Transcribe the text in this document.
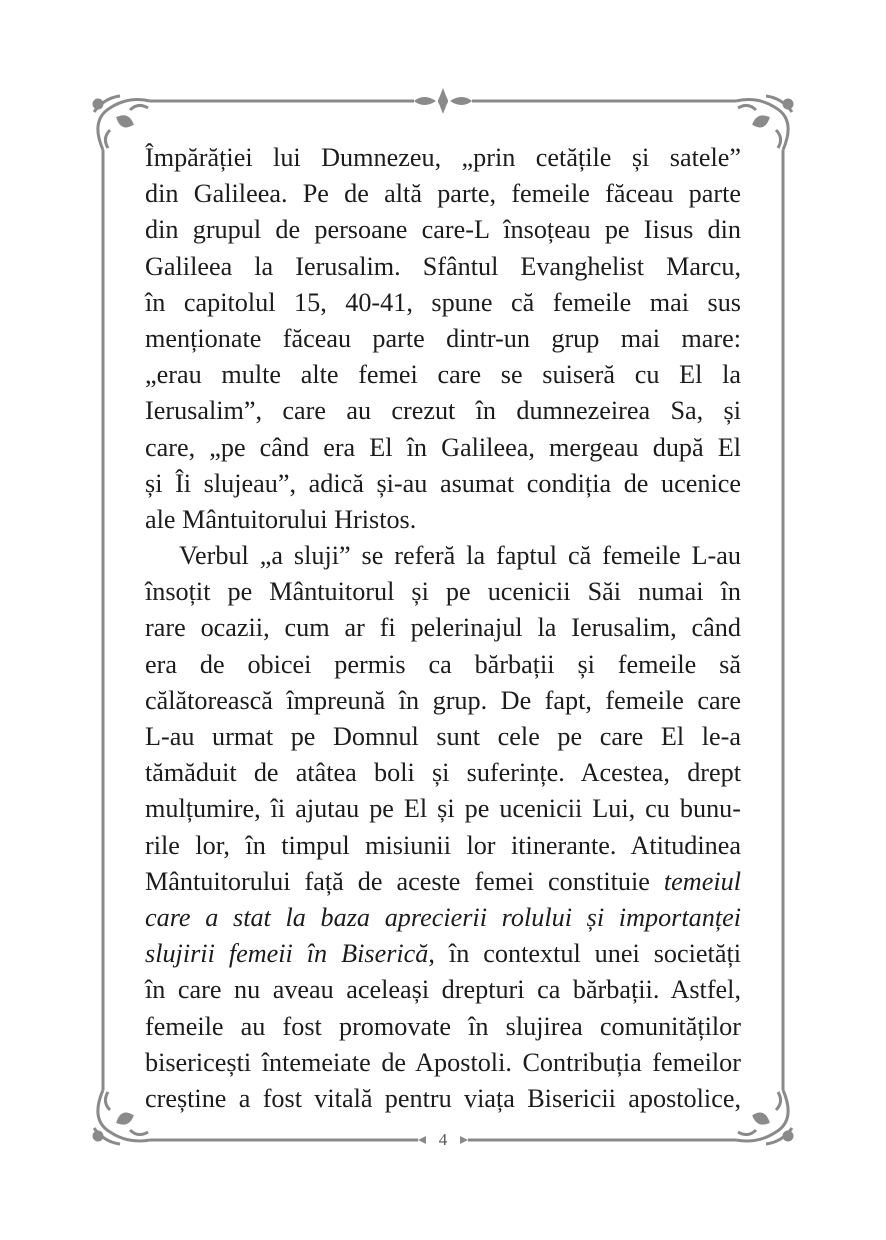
Împărăției lui Dumnezeu, „prin cetățile și satele”
din Galileea. Pe de altă parte, femeile făceau parte
din grupul de persoane care-L însoțeau pe Iisus din
Galileea la Ierusalim. Sfântul Evanghelist Marcu,
în capitolul 15, 40-41, spune că femeile mai sus
menționate făceau parte dintr-un grup mai mare:
„erau multe alte femei care se suiseră cu El la
Ierusalim”, care au crezut în dumnezeirea Sa, și
care, „pe când era El în Galileea, mergeau după El
și Îi slujeau”, adică și-au asumat condiția de ucenice
ale Mântuitorului Hristos.
Verbul „a sluji” se referă la faptul că femeile L-au
însoțit pe Mântuitorul și pe ucenicii Săi numai în
rare ocazii, cum ar fi pelerinajul la Ierusalim, când
era de obicei permis ca bărbații și femeile să
călătorească împreună în grup. De fapt, femeile care
L-au urmat pe Domnul sunt cele pe care El le-a
tămăduit de atâtea boli și suferințe. Acestea, drept
mulțumire, îi ajutau pe El și pe ucenicii Lui, cu bunu-
rile lor, în timpul misiunii lor itinerante. Atitudinea
Mântuitorului față de aceste femei constituie temeiul
care a stat la baza aprecierii rolului și importanței
slujirii femeii în Biserică, în contextul unei societăți
în care nu aveau aceleași drepturi ca bărbații. Astfel,
femeile au fost promovate în slujirea comunităților
bisericești întemeiate de Apostoli. Contribuția femeilor
creștine a fost vitală pentru viața Bisericii apostolice,
4
